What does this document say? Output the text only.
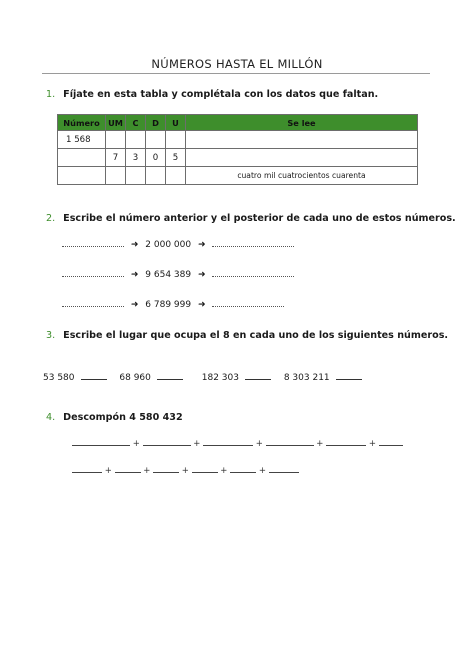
NÚMEROS HASTA EL MILLÓN
1. Fíjate en esta tabla y complétala con los datos que faltan.
Número	UM	C	D	U	Se lee
1 568					
	7	3	0	5	
					cuatro mil cuatrocientos cuarenta
2. Escribe el número anterior y el posterior de cada uno de estos números.
➜ 2 000 000 ➜
➜ 9 654 389 ➜
➜ 6 789 999 ➜
3. Escribe el lugar que ocupa el 8 en cada uno de los siguientes números.
53 580	68 960	182 303	8 303 211
4. Descompón 4 580 432
+	+	+	+	+
+	+	+	+	+
